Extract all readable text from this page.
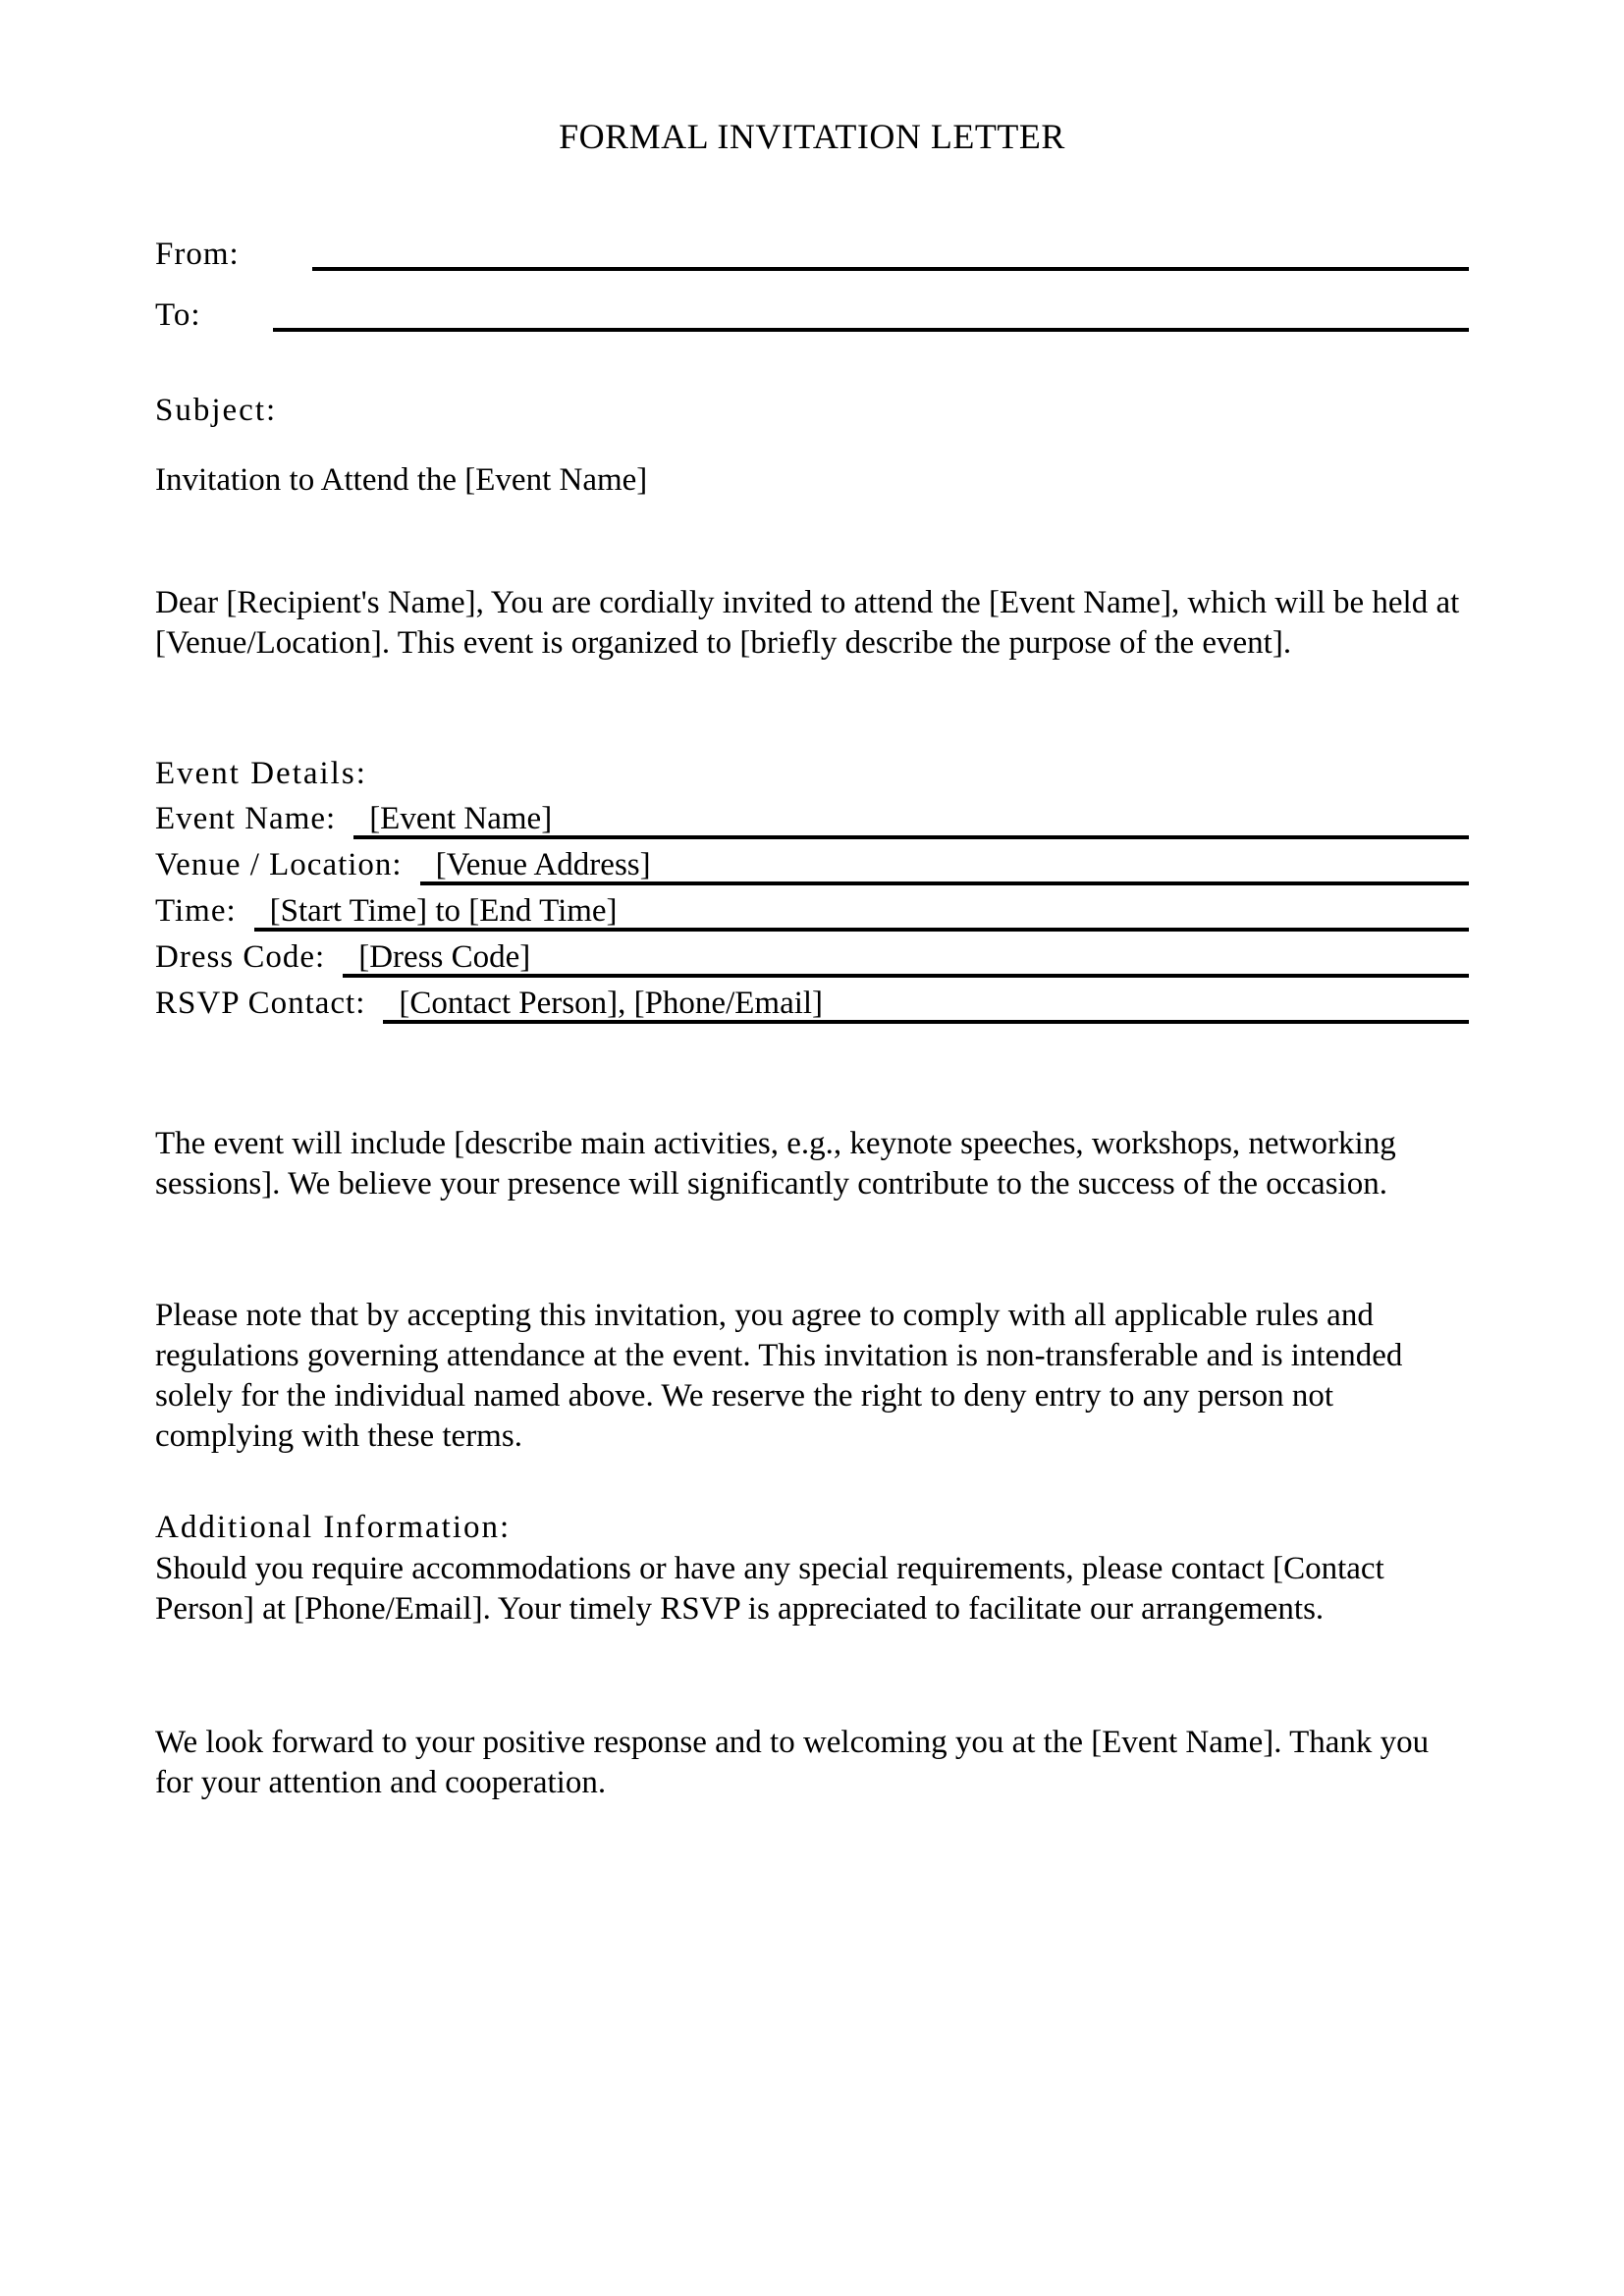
FORMAL INVITATION LETTER
From:
To:
Subject:
Invitation to Attend the [Event Name]

Dear [Recipient's Name], You are cordially invited to attend the [Event Name], which will be held at [Venue/Location]. This event is organized to [briefly describe the purpose of the event].

Event Details:
Event Name:	[Event Name]
Venue / Location:	[Venue Address]
Time:	[Start Time] to [End Time]
Dress Code:	[Dress Code]
RSVP Contact:	[Contact Person], [Phone/Email]

The event will include [describe main activities, e.g., keynote speeches, workshops, networking sessions]. We believe your presence will significantly contribute to the success of the occasion.

Please note that by accepting this invitation, you agree to comply with all applicable rules and regulations governing attendance at the event. This invitation is non-transferable and is intended solely for the individual named above. We reserve the right to deny entry to any person not complying with these terms.

Additional Information:

Should you require accommodations or have any special requirements, please contact [Contact Person] at [Phone/Email]. Your timely RSVP is appreciated to facilitate our arrangements.

We look forward to your positive response and to welcoming you at the [Event Name]. Thank you for your attention and cooperation.
